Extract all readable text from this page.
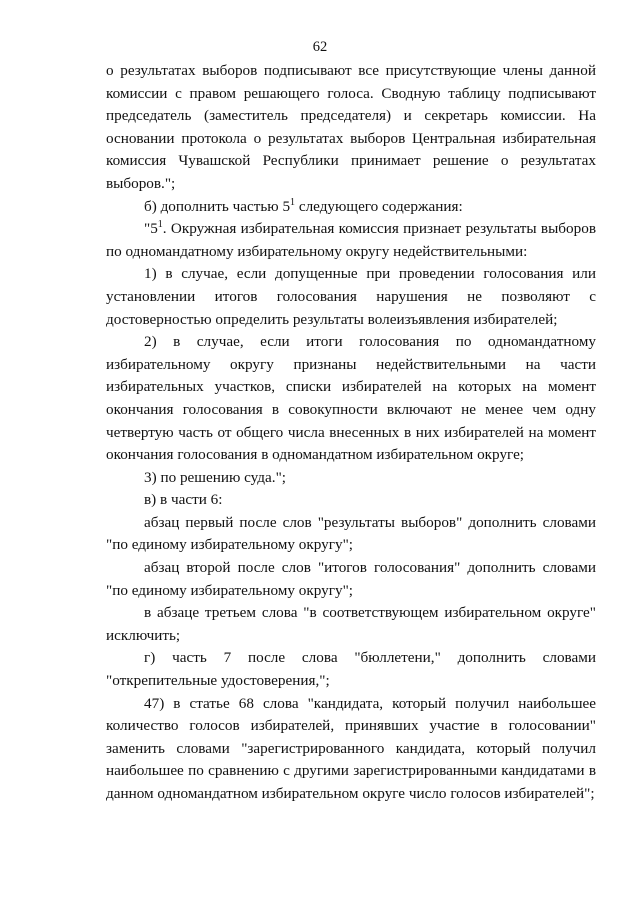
62

о результатах выборов подписывают все присутствующие члены данной комиссии с правом решающего голоса. Сводную таблицу подписывают председатель (заместитель председателя) и секретарь комиссии. На основании протокола о результатах выборов Центральная избирательная комиссия Чувашской Республики принимает решение о результатах выборов.";

б) дополнить частью $5^1$ следующего содержания:

"$5^1$. Окружная избирательная комиссия признает результаты выборов по одномандатному избирательному округу недействительными:

1) в случае, если допущенные при проведении голосования или установлении итогов голосования нарушения не позволяют с достоверностью определить результаты волеизъявления избирателей;

2) в случае, если итоги голосования по одномандатному избирательному округу признаны недействительными на части избирательных участков, списки избирателей на которых на момент окончания голосования в совокупности включают не менее чем одну четвертую часть от общего числа внесенных в них избирателей на момент окончания голосования в одномандатном избирательном округе;

3) по решению суда.";

в) в части 6:

абзац первый после слов "результаты выборов" дополнить словами "по единому избирательному округу";

абзац второй после слов "итогов голосования" дополнить словами "по единому избирательному округу";

в абзаце третьем слова "в соответствующем избирательном округе" исключить;

г) часть 7 после слова "бюллетени," дополнить словами "открепительные удостоверения,";

47) в статье 68 слова "кандидата, который получил наибольшее количество голосов избирателей, принявших участие в голосовании" заменить словами "зарегистрированного кандидата, который получил наибольшее по сравнению с другими зарегистрированными кандидатами в данном одномандатном избирательном округе число голосов избирателей";
